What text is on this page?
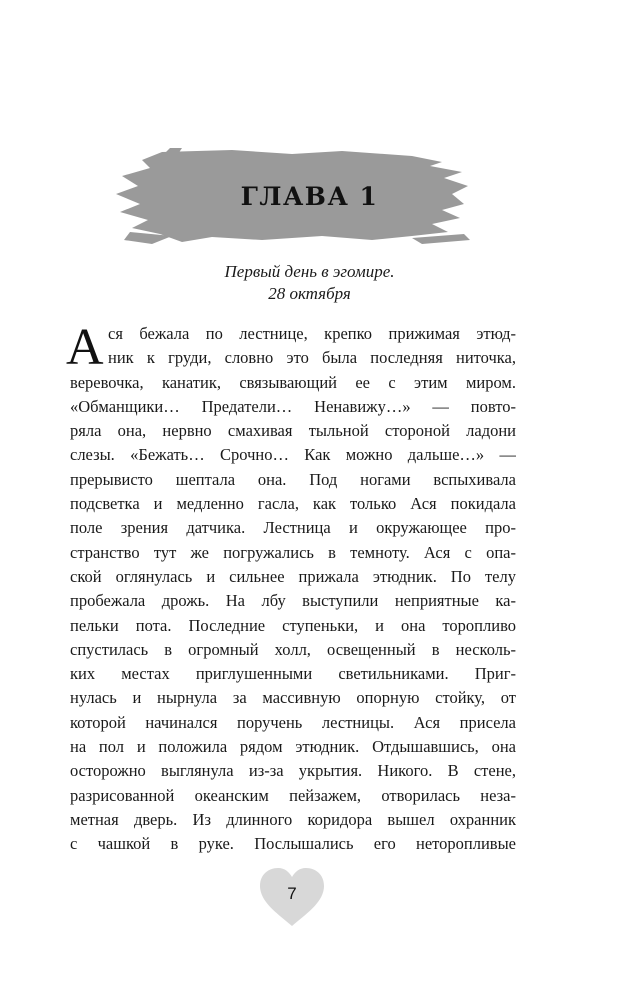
ГЛАВА 1
Первый день в эгомире.
28 октября
А ся бежала по лестнице, крепко прижимая этюд-
ник к груди, словно это была последняя ниточка,
веревочка, канатик, связывающий ее с этим миром.
«Обманщики… Предатели… Ненавижу…» — повто-
ряла она, нервно смахивая тыльной стороной ладони
слезы. «Бежать… Срочно… Как можно дальше…» —
прерывисто шептала она. Под ногами вспыхивала
подсветка и медленно гасла, как только Ася покидала
поле зрения датчика. Лестница и окружающее про-
странство тут же погружались в темноту. Ася с опа-
ской оглянулась и сильнее прижала этюдник. По телу
пробежала дрожь. На лбу выступили неприятные ка-
пельки пота. Последние ступеньки, и она торопливо
спустилась в огромный холл, освещенный в несколь-
ких местах приглушенными светильниками. Приг-
нулась и нырнула за массивную опорную стойку, от
которой начинался поручень лестницы. Ася присела
на пол и положила рядом этюдник. Отдышавшись, она
осторожно выглянула из-за укрытия. Никого. В стене,
разрисованной океанским пейзажем, отворилась неза-
метная дверь. Из длинного коридора вышел охранник
с чашкой в руке. Послышались его неторопливые
7
